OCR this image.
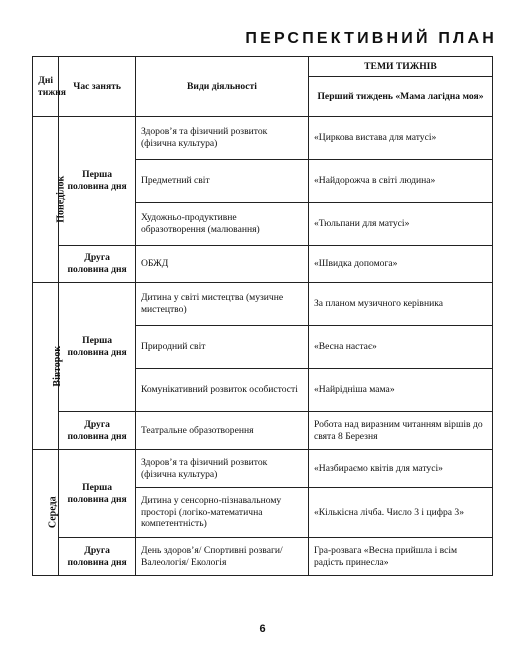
ПЕРСПЕКТИВНИЙ ПЛАН
Дні тижня	Час занять	Види діяльності	ТЕМИ ТИЖНІВ
			Перший тиждень «Мама лагідна моя»
Понеділок	Перша половина дня	Здоров’я та фізичний розвиток (фізична культура)	«Циркова вистава для матусі»
		Предметний світ	«Найдорожча в світі людина»
		Художньо-продуктивне образотворення (малювання)	«Тюльпани для матусі»
	Друга половина дня	ОБЖД	«Швидка допомога»
Вівторок	Перша половина дня	Дитина у світі мистецтва (музичне мистецтво)	За планом музичного керівника
		Природний світ	«Весна настає»
		Комунікативний розвиток особистості	«Найрідніша мама»
	Друга половина дня	Театральне образотворення	Робота над виразним читанням віршів до свята 8 Березня
Середа	Перша половина дня	Здоров’я та фізичний розвиток (фізична культура)	«Назбираємо квітів для матусі»
		Дитина у сенсорно-пізнавальному просторі (логіко-математична компетентність)	«Кількісна лічба. Число 3 і цифра 3»
	Друга половина дня	День здоров’я/ Спортивні розваги/ Валеологія/ Екологія	Гра-розвага «Весна прийшла і всім радість принесла»

6
